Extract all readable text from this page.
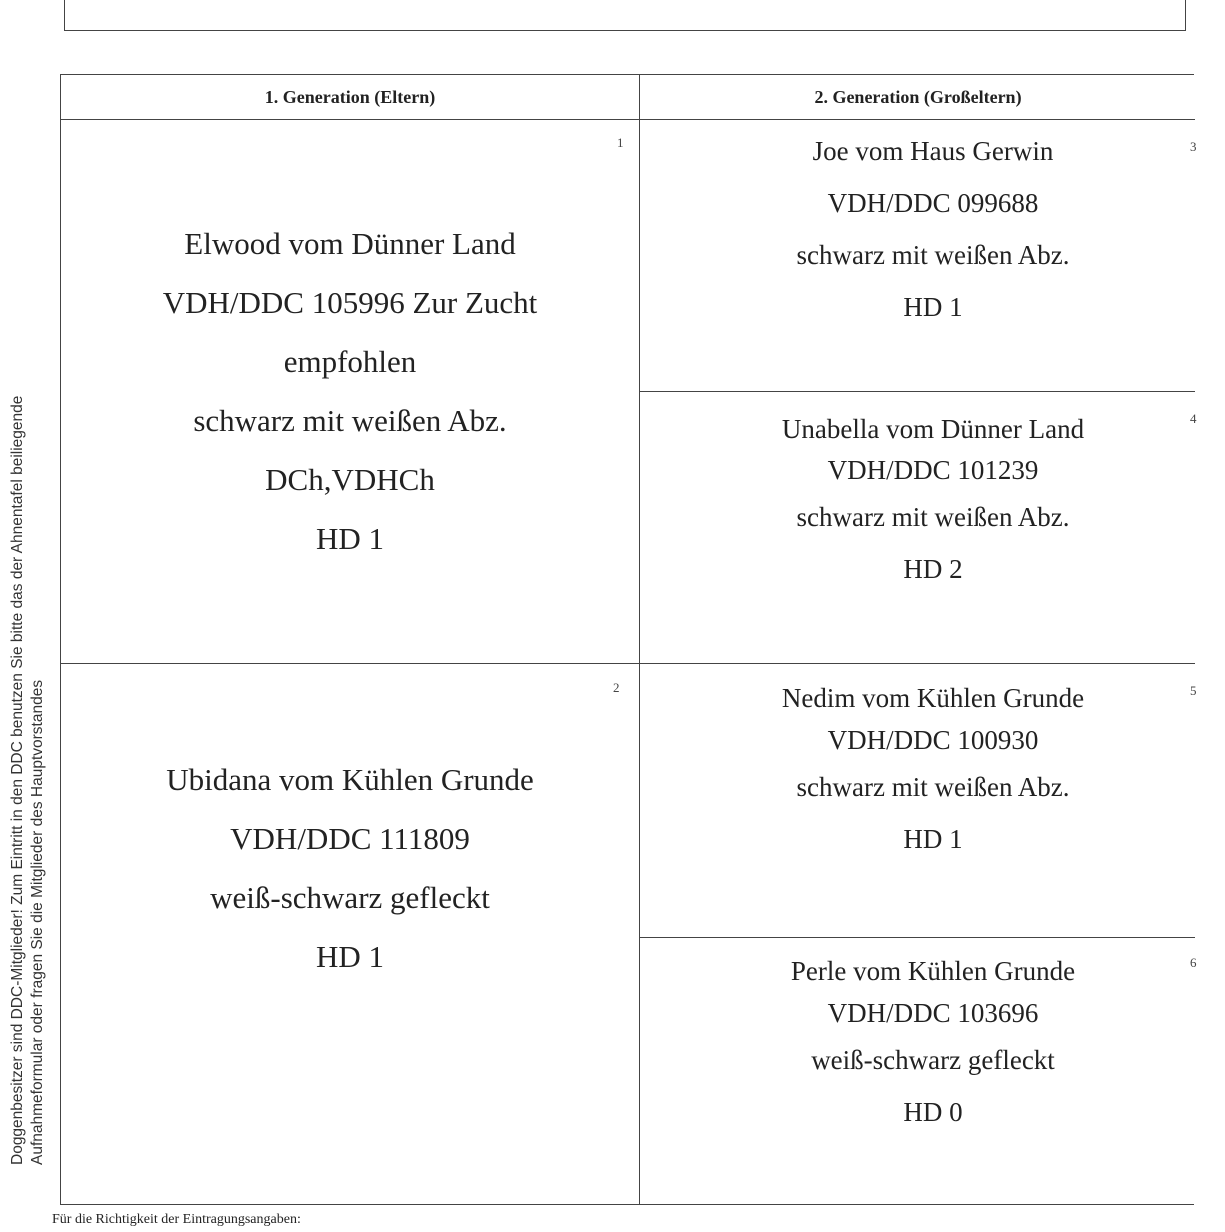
Doggenbesitzer sind DDC-Mitglieder! Zum Eintritt in den DDC benutzen Sie bitte das der Ahnentafel beiliegende Aufnahmeformular oder fragen Sie die Mitglieder des Hauptvorstandes
1. Generation (Eltern)	2. Generation (Großeltern)
1
Elwood vom Dünner Land
VDH/DDC 105996 Zur Zucht
empfohlen
schwarz mit weißen Abz.
DCh,VDHCh
HD 1
2
Ubidana vom Kühlen Grunde
VDH/DDC 111809
weiß-schwarz gefleckt
HD 1
3
Joe vom Haus Gerwin
VDH/DDC 099688
schwarz mit weißen Abz.
HD 1
4
Unabella vom Dünner Land
VDH/DDC 101239
schwarz mit weißen Abz.
HD 2
5
Nedim vom Kühlen Grunde
VDH/DDC 100930
schwarz mit weißen Abz.
HD 1
6
Perle vom Kühlen Grunde
VDH/DDC 103696
weiß-schwarz gefleckt
HD 0
Für die Richtigkeit der Eintragungsangaben:
